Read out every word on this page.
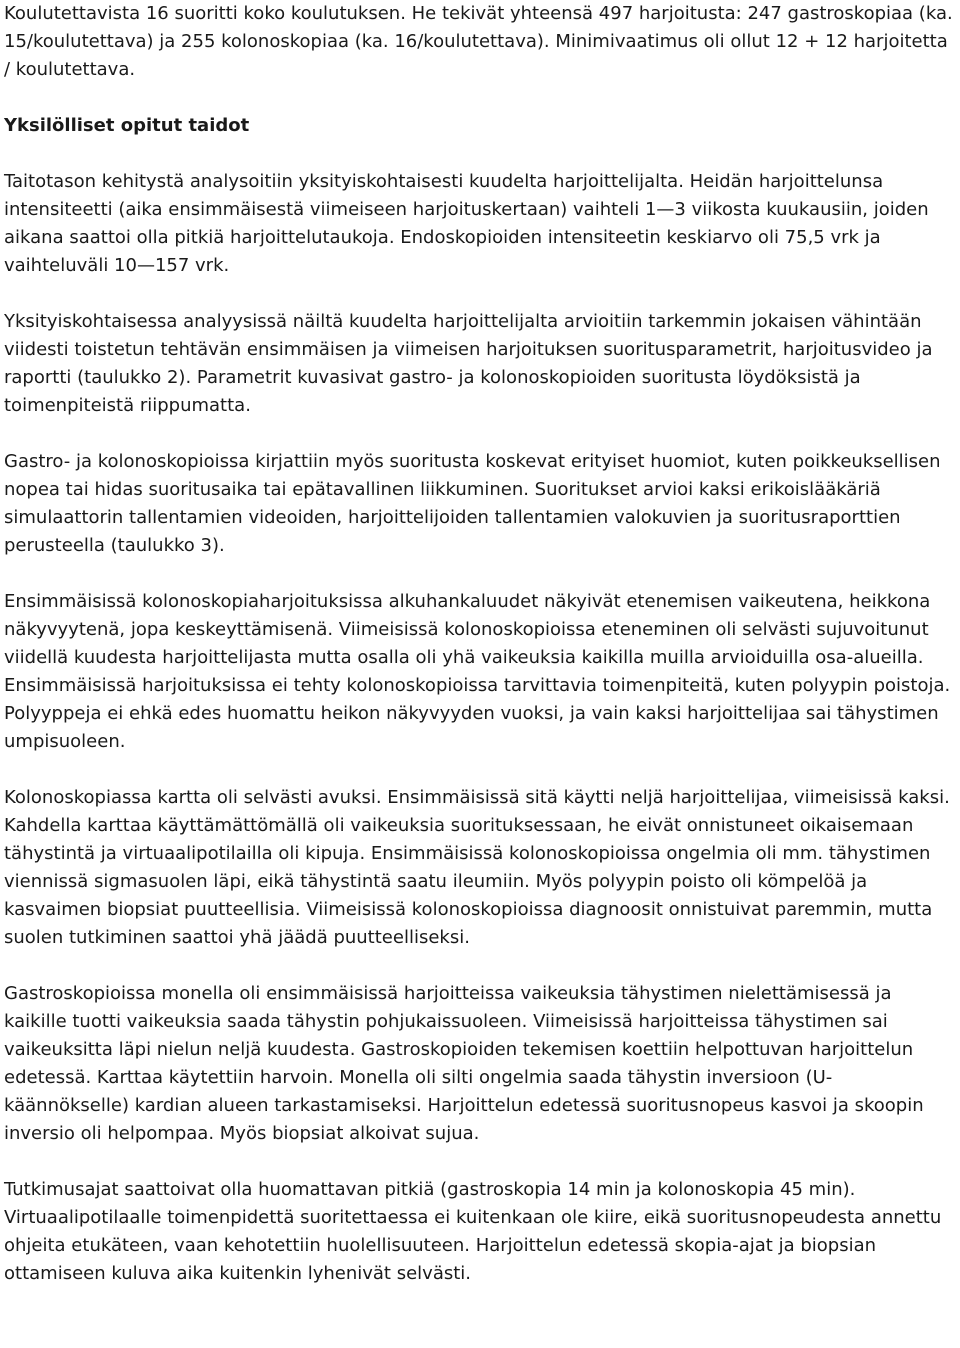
Koulutettavista 16 suoritti koko koulutuksen. He tekivät yhteensä 497 harjoitusta: 247 gastroskopiaa (ka. 15/koulutettava) ja 255 kolonoskopiaa (ka. 16/koulutettava). Minimivaatimus oli ollut 12 + 12 harjoitetta / koulutettava.

Yksilölliset opitut taidot

Taitotason kehitystä analysoitiin yksityiskohtaisesti kuudelta harjoittelijalta. Heidän harjoittelunsa intensiteetti (aika ensimmäisestä viimeiseen harjoituskertaan) vaihteli 1—3 viikosta kuukausiin, joiden aikana saattoi olla pitkiä harjoittelutaukoja. Endoskopioiden intensiteetin keskiarvo oli 75,5 vrk ja vaihteluväli 10—157 vrk.

Yksityiskohtaisessa analyysissä näiltä kuudelta harjoittelijalta arvioitiin tarkemmin jokaisen vähintään viidesti toistetun tehtävän ensimmäisen ja viimeisen harjoituksen suoritusparametrit, harjoitusvideo ja raportti (taulukko 2). Parametrit kuvasivat gastro- ja kolonoskopioiden suoritusta löydöksistä ja toimenpiteistä riippumatta.

Gastro- ja kolonoskopioissa kirjattiin myös suoritusta koskevat erityiset huomiot, kuten poikkeuksellisen nopea tai hidas suoritusaika tai epätavallinen liikkuminen. Suoritukset arvioi kaksi erikoislääkäriä simulaattorin tallentamien videoiden, harjoittelijoiden tallentamien valokuvien ja suoritusraporttien perusteella (taulukko 3).

Ensimmäisissä kolonoskopiaharjoituksissa alkuhankaluudet näkyivät etenemisen vaikeutena, heikkona näkyvyytenä, jopa keskeyttämisenä. Viimeisissä kolonoskopioissa eteneminen oli selvästi sujuvoitunut viidellä kuudesta harjoittelijasta mutta osalla oli yhä vaikeuksia kaikilla muilla arvioiduilla osa-alueilla. Ensimmäisissä harjoituksissa ei tehty kolonoskopioissa tarvittavia toimenpiteitä, kuten polyypin poistoja. Polyyppeja ei ehkä edes huomattu heikon näkyvyyden vuoksi, ja vain kaksi harjoittelijaa sai tähystimen umpisuoleen.

Kolonoskopiassa kartta oli selvästi avuksi. Ensimmäisissä sitä käytti neljä harjoittelijaa, viimeisissä kaksi. Kahdella karttaa käyttämättömällä oli vaikeuksia suorituksessaan, he eivät onnistuneet oikaisemaan tähystintä ja virtuaalipotilailla oli kipuja. Ensimmäisissä kolonoskopioissa ongelmia oli mm. tähystimen viennissä sigmasuolen läpi, eikä tähystintä saatu ileumiin. Myös polyypin poisto oli kömpelöä ja kasvaimen biopsiat puutteellisia. Viimeisissä kolonoskopioissa diagnoosit onnistuivat paremmin, mutta suolen tutkiminen saattoi yhä jäädä puutteelliseksi.

Gastroskopioissa monella oli ensimmäisissä harjoitteissa vaikeuksia tähystimen nielettämisessä ja kaikille tuotti vaikeuksia saada tähystin pohjukaissuoleen. Viimeisissä harjoitteissa tähystimen sai vaikeuksitta läpi nielun neljä kuudesta. Gastroskopioiden tekemisen koettiin helpottuvan harjoittelun edetessä. Karttaa käytettiin harvoin. Monella oli silti ongelmia saada tähystin inversioon (U-käännökselle) kardian alueen tarkastamiseksi. Harjoittelun edetessä suoritusnopeus kasvoi ja skoopin inversio oli helpompaa. Myös biopsiat alkoivat sujua.

Tutkimusajat saattoivat olla huomattavan pitkiä (gastroskopia 14 min ja kolonoskopia 45 min). Virtuaalipotilaalle toimenpidettä suoritettaessa ei kuitenkaan ole kiire, eikä suoritusnopeudesta annettu ohjeita etukäteen, vaan kehotettiin huolellisuuteen. Harjoittelun edetessä skopia-ajat ja biopsian ottamiseen kuluva aika kuitenkin lyhenivät selvästi.
